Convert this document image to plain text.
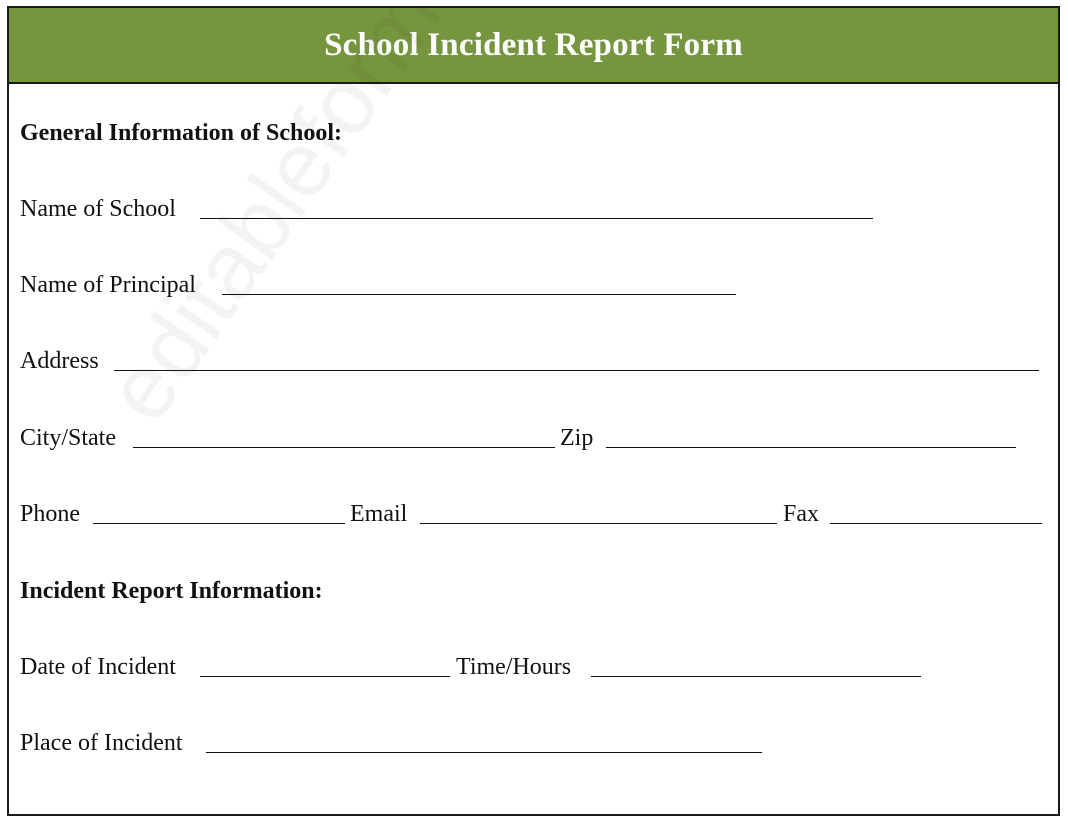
School Incident Report Form
General Information of School:
Name of School
Name of Principal
Address
City/State	Zip
Phone	Email	Fax
Incident Report Information:
Date of Incident	Time/Hours
Place of Incident
